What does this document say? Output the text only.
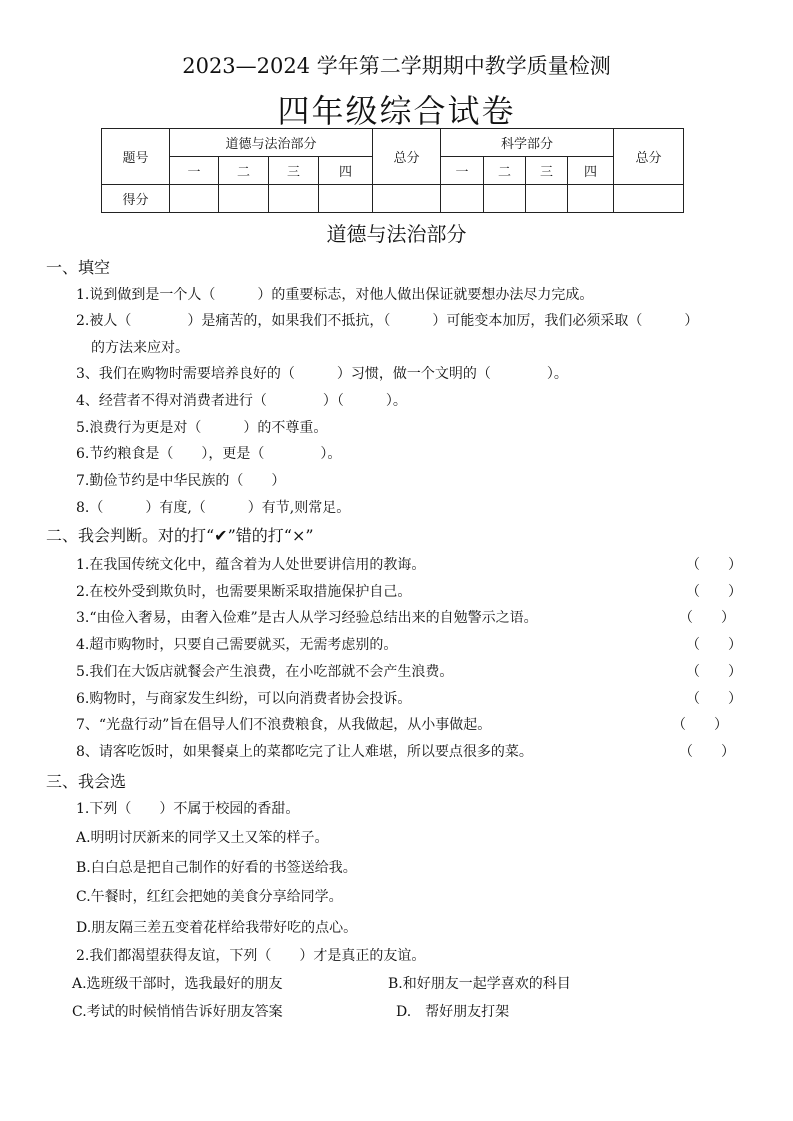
2023—2024 学年第二学期期中教学质量检测
四年级综合试卷
题号	道德与法治部分				总分	科学部分				总分
	一	二	三	四		一	二	三	四	
得分										
道德与法治部分
一、填空
1.说到做到是一个人（　　　）的重要标志，对他人做出保证就要想办法尽力完成。
2.被人（　　　　）是痛苦的，如果我们不抵抗，（　　　）可能变本加厉，我们必须采取（　　　）
的方法来应对。
3、我们在购物时需要培养良好的（　　　）习惯，做一个文明的（　　　　）。
4、经营者不得对消费者进行（　　　　）（　　　）。
5.浪费行为更是对（　　　）的不尊重。
6.节约粮食是（　　），更是（　　　　）。
7.勤俭节约是中华民族的（　　）
8.（　　　）有度,（　　　）有节,则常足。
二、我会判断。对的打“✔”错的打“×”
1.在我国传统文化中，蕴含着为人处世要讲信用的教诲。	（　　）
2.在校外受到欺负时，也需要果断采取措施保护自己。	（　　）
3.“由俭入奢易，由奢入俭难”是古人从学习经验总结出来的自勉警示之语。	（　　）
4.超市购物时，只要自己需要就买，无需考虑别的。	（　　）
5.我们在大饭店就餐会产生浪费，在小吃部就不会产生浪费。	（　　）
6.购物时，与商家发生纠纷，可以向消费者协会投诉。	（　　）
7、“光盘行动”旨在倡导人们不浪费粮食，从我做起，从小事做起。	（　　）
8、请客吃饭时，如果餐桌上的菜都吃完了让人难堪，所以要点很多的菜。	（　　）
三、我会选
1.下列（　　）不属于校园的香甜。
A.明明讨厌新来的同学又土又笨的样子。
B.白白总是把自己制作的好看的书签送给我。
C.午餐时，红红会把她的美食分享给同学。
D.朋友隔三差五变着花样给我带好吃的点心。
2.我们都渴望获得友谊，下列（　　）才是真正的友谊。
A.选班级干部时，选我最好的朋友	B.和好朋友一起学喜欢的科目
C.考试的时候悄悄告诉好朋友答案	D.　帮好朋友打架
